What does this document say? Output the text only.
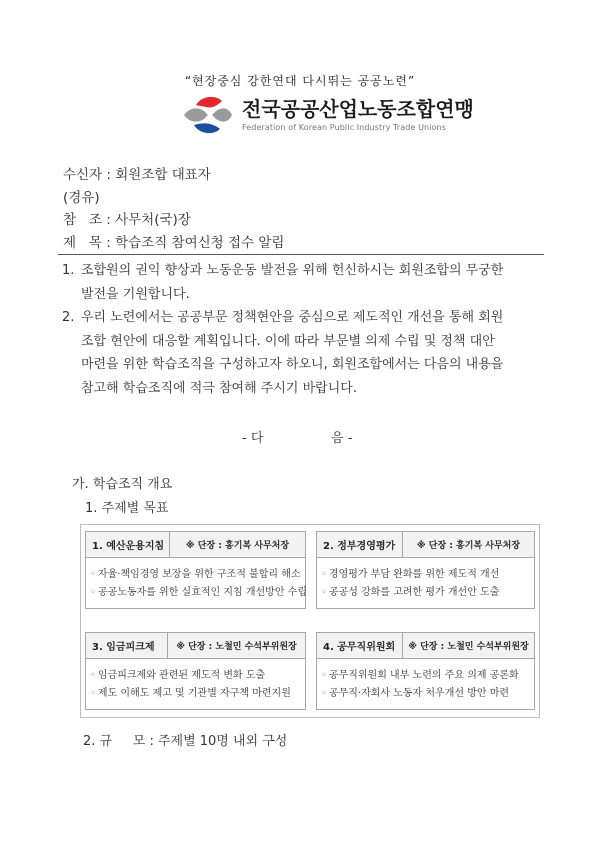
“현장중심 강한연대 다시뛰는 공공노련”
전국공공산업노동조합연맹
Federation of Korean Public Industry Trade Unions
수신자 : 회원조합 대표자
(경유)
참   조 : 사무처(국)장
제   목 : 학습조직 참여신청 접수 알림
1. 조합원의 권익 향상과 노동운동 발전을 위해 헌신하시는 회원조합의 무궁한
발전을 기원합니다.
2. 우리 노련에서는 공공부문 정책현안을 중심으로 제도적인 개선을 통해 회원
조합 현안에 대응할 계획입니다. 이에 따라 부문별 의제 수립 및 정책 대안
마련을 위한 학습조직을 구성하고자 하오니, 회원조합에서는 다음의 내용을
참고해 학습조직에 적극 참여해 주시기 바랍니다.
- 다	음 -
가. 학습조직 개요
1. 주제별 목표
1. 예산운용지침	※ 단장 : 홍기복 사무처장
◦ 자율·책임경영 보장을 위한 구조적 불합리 해소
◦ 공공노동자를 위한 실효적인 지침 개선방안 수립
2. 정부경영평가	※ 단장 : 홍기복 사무처장
◦ 경영평가 부담 완화를 위한 제도적 개선
◦ 공공성 강화를 고려한 평가 개선안 도출
3. 임금피크제	※ 단장 : 노철민 수석부위원장
◦ 임금피크제와 관련된 제도적 변화 도출
◦ 제도 이해도 제고 및 기관별 자구책 마련지원
4. 공무직위원회	※ 단장 : 노철민 수석부위원장
◦ 공무직위원회 내부 노련의 주요 의제 공론화
◦ 공무직·자회사 노동자 처우개선 방안 마련
2. 규     모 : 주제별 10명 내외 구성
